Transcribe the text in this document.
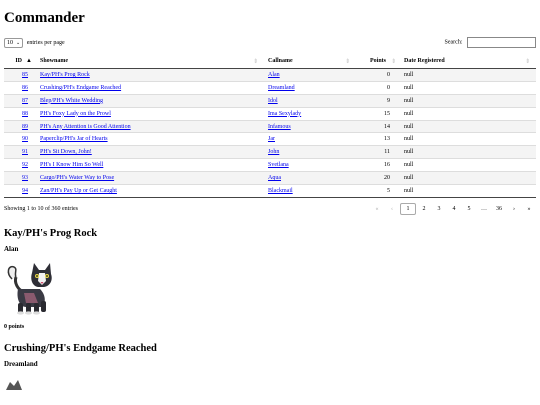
Commander
10 ⌄ entries per page	Search:
ID ▲	Showname ⇕	Callname ⇕	Points ⇕	Date Registered ⇕

85	Kay/PH's Prog Rock	Alan	0	null
86	Crushing/PH's Endgame Reached	Dreamland	0	null
87	Blep/PH's White Wedding	Idol	9	null
88	PH's Foxy Lady on the Prowl	Ima Sexylady	15	null
89	PH's Any Attention is Good Attention	Infamous	14	null
90	Paperclip/PH's Jar of Hearts	Jar	13	null
91	PH's Sit Down, John!	John	11	null
92	PH's I Know Him So Well	Svetlana	16	null
93	Cargo/PH's Water Way to Pose	Aqua	20	null
94	Zan/PH's Pay Up or Get Caught	Blackmail	5	null
Showing 1 to 10 of 360 entries	«	‹	1	2	3	4	5	…	36	›	»
Kay/PH's Prog Rock
Alan
0 points
Crushing/PH's Endgame Reached
Dreamland
